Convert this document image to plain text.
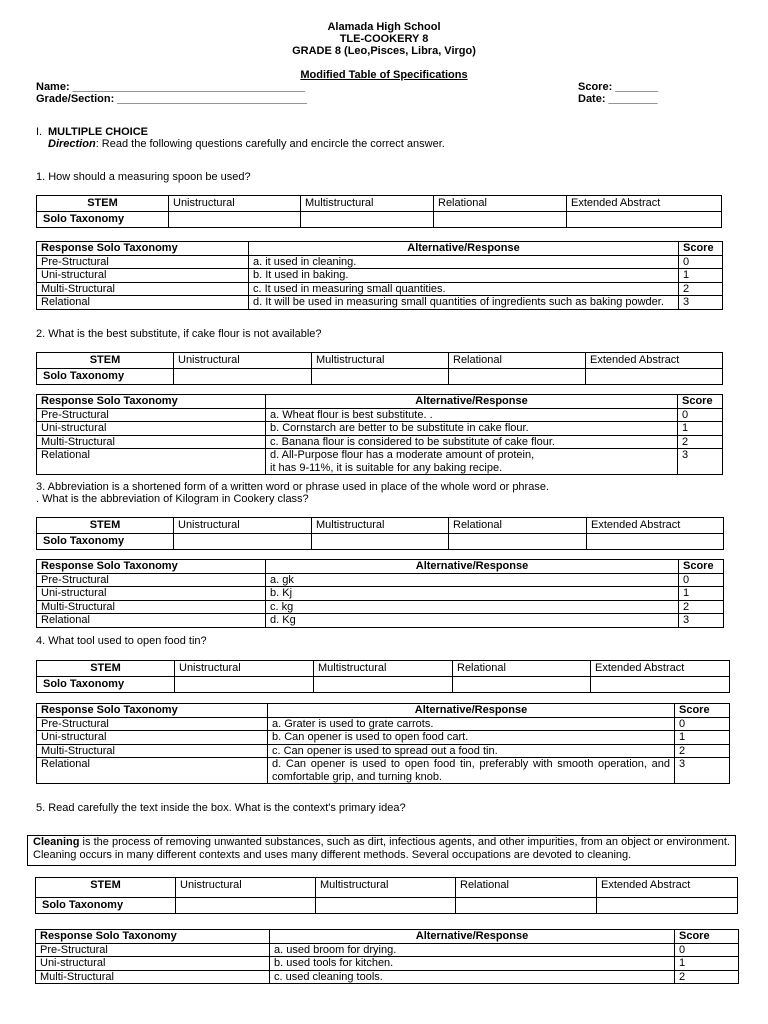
Alamada High School
TLE-COOKERY 8
GRADE 8 (Leo,Pisces, Libra, Virgo)
Modified Table of Specifications
Name: ______________________________________
Grade/Section: _______________________________
Score: _______
Date: ________
I. MULTIPLE CHOICE
Direction: Read the following questions carefully and encircle the correct answer.
1. How should a measuring spoon be used?
STEM	Unistructural	Multistructural	Relational	Extended Abstract
Solo Taxonomy				
Response Solo Taxonomy	Alternative/Response	Score
Pre-Structural	a. it used in cleaning.	0
Uni-structural	b. It used in baking.	1
Multi-Structural	c. It used in measuring small quantities.	2
Relational	d. It will be used in measuring small quantities of ingredients such as baking powder.	3
2. What is the best substitute, if cake flour is not available?
STEM	Unistructural	Multistructural	Relational	Extended Abstract
Solo Taxonomy				
Response Solo Taxonomy	Alternative/Response	Score
Pre-Structural	a. Wheat flour is best substitute. .	0
Uni-structural	b. Cornstarch are better to be substitute in cake flour.	1
Multi-Structural	c. Banana flour is considered to be substitute of cake flour.	2
Relational	d. All-Purpose flour has a moderate amount of protein,
it has 9-11%, it is suitable for any baking recipe.	3
3. Abbreviation is a shortened form of a written word or phrase used in place of the whole word or phrase.
. What is the abbreviation of Kilogram in Cookery class?
STEM	Unistructural	Multistructural	Relational	Extended Abstract
Solo Taxonomy				
Response Solo Taxonomy	Alternative/Response	Score
Pre-Structural	a. gk	0
Uni-structural	b. Kj	1
Multi-Structural	c. kg	2
Relational	d. Kg	3
4. What tool used to open food tin?
STEM	Unistructural	Multistructural	Relational	Extended Abstract
Solo Taxonomy				
Response Solo Taxonomy	Alternative/Response	Score
Pre-Structural	a. Grater is used to grate carrots.	0
Uni-structural	b. Can opener is used to open food cart.	1
Multi-Structural	c. Can opener is used to spread out a food tin.	2
Relational	d. Can opener is used to open food tin, preferably with smooth operation, and comfortable grip, and turning knob.	3
5. Read carefully the text inside the box. What is the context's primary idea?
Cleaning is the process of removing unwanted substances, such as dirt, infectious agents, and other impurities, from an object or environment. Cleaning occurs in many different contexts and uses many different methods. Several occupations are devoted to cleaning.
STEM	Unistructural	Multistructural	Relational	Extended Abstract
Solo Taxonomy				
Response Solo Taxonomy	Alternative/Response	Score
Pre-Structural	a. used broom for drying.	0
Uni-structural	b. used tools for kitchen.	1
Multi-Structural	c. used cleaning tools.	2
